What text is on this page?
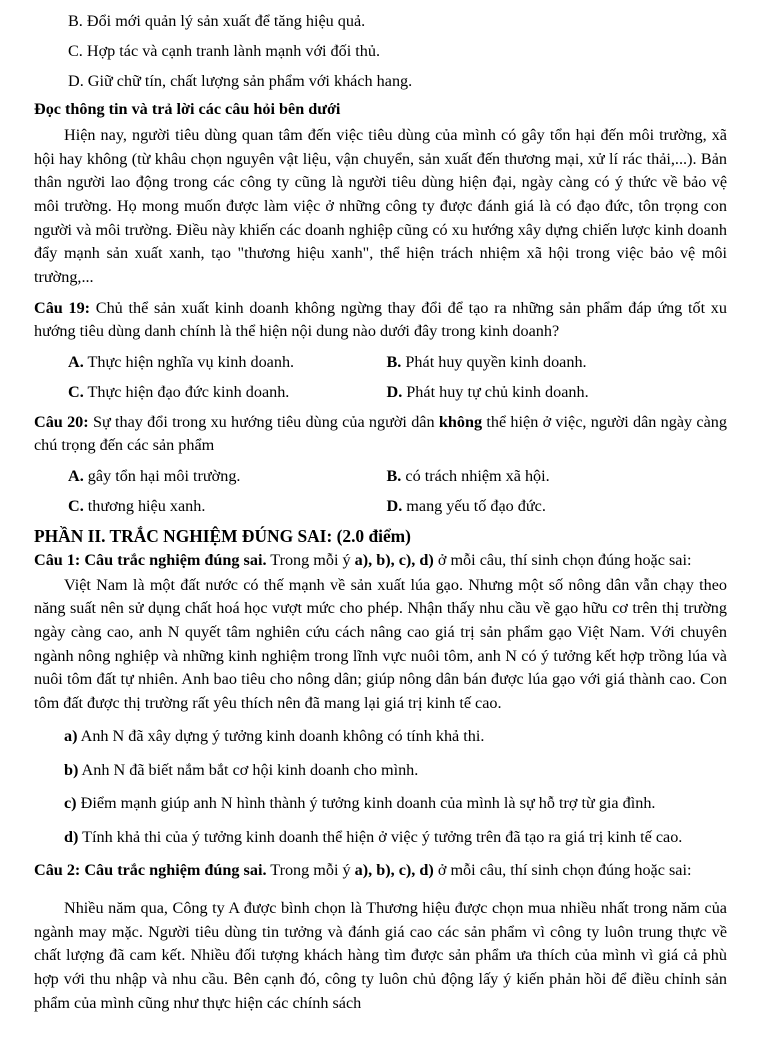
B. Đổi mới quản lý sản xuất để tăng hiệu quả.
C. Hợp tác và cạnh tranh lành mạnh với đối thủ.
D. Giữ chữ tín, chất lượng sản phẩm với khách hang.
Đọc thông tin và trả lời các câu hỏi bên dưới
Hiện nay, người tiêu dùng quan tâm đến việc tiêu dùng của mình có gây tổn hại đến môi trường, xã hội hay không (từ khâu chọn nguyên vật liệu, vận chuyển, sản xuất đến thương mại, xử lí rác thải,...). Bản thân người lao động trong các công ty cũng là người tiêu dùng hiện đại, ngày càng có ý thức về bảo vệ môi trường. Họ mong muốn được làm việc ở những công ty được đánh giá là có đạo đức, tôn trọng con người và môi trường. Điều này khiến các doanh nghiệp cũng có xu hướng xây dựng chiến lược kinh doanh đẩy mạnh sản xuất xanh, tạo "thương hiệu xanh", thể hiện trách nhiệm xã hội trong việc bảo vệ môi trường,...
Câu 19: Chủ thể sản xuất kinh doanh không ngừng thay đổi để tạo ra những sản phẩm đáp ứng tốt xu hướng tiêu dùng danh chính là thể hiện nội dung nào dưới đây trong kinh doanh?
A. Thực hiện nghĩa vụ kinh doanh.	B. Phát huy quyền kinh doanh.
C. Thực hiện đạo đức kinh doanh.	D. Phát huy tự chủ kinh doanh.
Câu 20: Sự thay đổi trong xu hướng tiêu dùng của người dân không thể hiện ở việc, người dân ngày càng chú trọng đến các sản phẩm
A. gây tổn hại môi trường.	B. có trách nhiệm xã hội.
C. thương hiệu xanh.	D. mang yếu tố đạo đức.
PHẦN II. TRẮC NGHIỆM ĐÚNG SAI: (2.0 điểm)
Câu 1: Câu trắc nghiệm đúng sai. Trong mỗi ý a), b), c), d) ở mỗi câu, thí sinh chọn đúng hoặc sai:
Việt Nam là một đất nước có thế mạnh về sản xuất lúa gạo. Nhưng một số nông dân vẫn chạy theo năng suất nên sử dụng chất hoá học vượt mức cho phép. Nhận thấy nhu cầu về gạo hữu cơ trên thị trường ngày càng cao, anh N quyết tâm nghiên cứu cách nâng cao giá trị sản phẩm gạo Việt Nam. Với chuyên ngành nông nghiệp và những kinh nghiệm trong lĩnh vực nuôi tôm, anh N có ý tưởng kết hợp trồng lúa và nuôi tôm đất tự nhiên. Anh bao tiêu cho nông dân; giúp nông dân bán được lúa gạo với giá thành cao. Con tôm đất được thị trường rất yêu thích nên đã mang lại giá trị kinh tế cao.
a) Anh N đã xây dựng ý tưởng kinh doanh không có tính khả thi.
b) Anh N đã biết nắm bắt cơ hội kinh doanh cho mình.
c) Điểm mạnh giúp anh N hình thành ý tưởng kinh doanh của mình là sự hỗ trợ từ gia đình.
d) Tính khả thi của ý tưởng kinh doanh thể hiện ở việc ý tưởng trên đã tạo ra giá trị kinh tế cao.
Câu 2: Câu trắc nghiệm đúng sai. Trong mỗi ý a), b), c), d) ở mỗi câu, thí sinh chọn đúng hoặc sai:
Nhiều năm qua, Công ty A được bình chọn là Thương hiệu được chọn mua nhiều nhất trong năm của ngành may mặc. Người tiêu dùng tin tưởng và đánh giá cao các sản phẩm vì công ty luôn trung thực về chất lượng đã cam kết. Nhiều đối tượng khách hàng tìm được sản phẩm ưa thích của mình vì giá cả phù hợp với thu nhập và nhu cầu. Bên cạnh đó, công ty luôn chủ động lấy ý kiến phản hồi để điều chỉnh sản phẩm của mình cũng như thực hiện các chính sách
